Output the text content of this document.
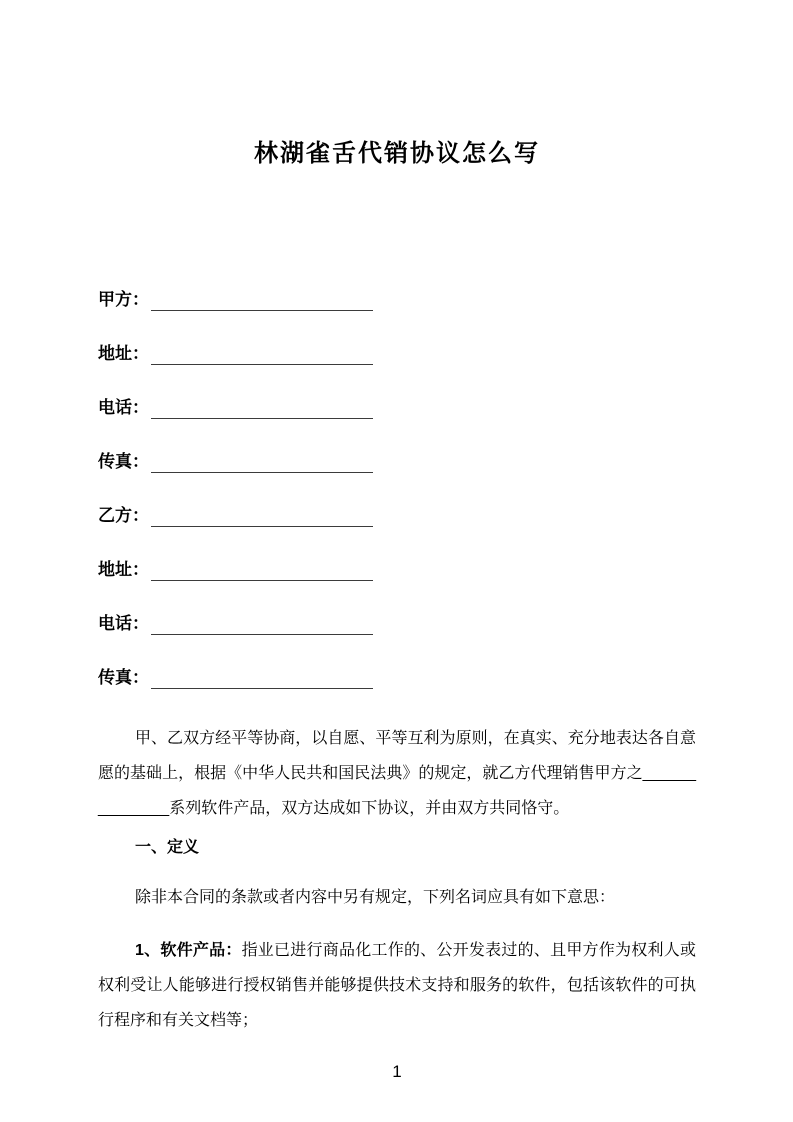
林湖雀舌代销协议怎么写
甲方：
地址：
电话：
传真：
乙方：
地址：
电话：
传真：

甲、乙双方经平等协商，以自愿、平等互利为原则，在真实、充分地表达各自意愿的基础上，根据《中华人民共和国民法典》的规定，就乙方代理销售甲方之______​________系列软件产品，双方达成如下协议，并由双方共同恪守。

一、定义

除非本合同的条款或者内容中另有规定，下列名词应具有如下意思：

1、软件产品：指业已进行商品化工作的、公开发表过的、且甲方作为权利人或权利受让人能够进行授权销售并能够提供技术支持和服务的软件，包括该软件的可执行程序和有关文档等；

1
